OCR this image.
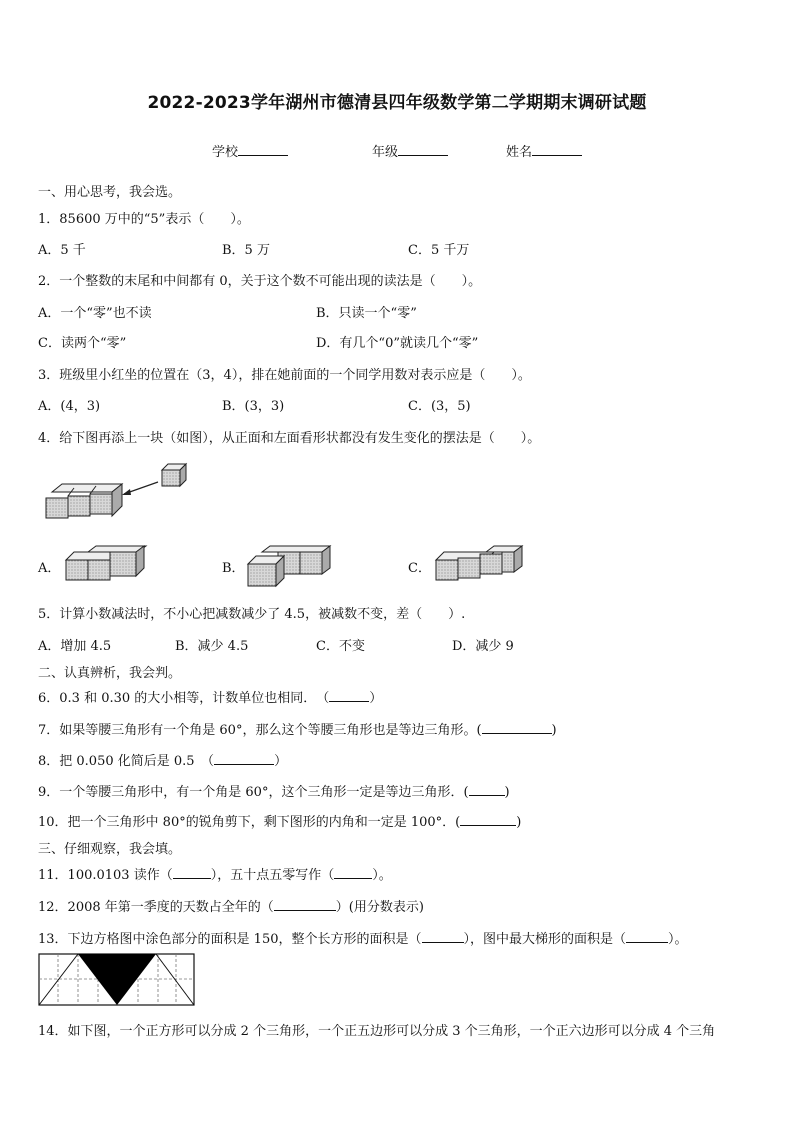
2022-2023学年湖州市德清县四年级数学第二学期期末调研试题
学校	年级	姓名
一、用心思考，我会选。
1．85600 万中的“5”表示（　　）。
A．5 千	B．5 万	C．5 千万
2．一个整数的末尾和中间都有 0，关于这个数不可能出现的读法是（　　）。
A．一个“零”也不读	B．只读一个“零”
C．读两个“零”	D．有几个“0”就读几个“零”
3．班级里小红坐的位置在（3，4），排在她前面的一个同学用数对表示应是（　　）。
A．(4，3)	B．(3，3)	C．(3，5)
4．给下图再添上一块（如图），从正面和左面看形状都没有发生变化的摆法是（　　）。
A．	B．	C．
5．计算小数减法时，不小心把减数减少了 4.5，被减数不变，差（　　）.
A．增加 4.5	B．减少 4.5	C．不变	D．减少 9
二、认真辨析，我会判。
6．0.3 和 0.30 的大小相等，计数单位也相同．　（	）
7．如果等腰三角形有一个角是 60°，那么这个等腰三角形也是等边三角形。(	)
8．把 0.050 化简后是 0.5　（	）
9．一个等腰三角形中，有一个角是 60°，这个三角形一定是等边三角形．(	)
10．把一个三角形中 80°的锐角剪下，剩下图形的内角和一定是 100°．(	)
三、仔细观察，我会填。
11．100.0103 读作（	），五十点五零写作（	）。
12．2008 年第一季度的天数占全年的（	）(用分数表示)
13．下边方格图中涂色部分的面积是 150，整个长方形的面积是（	），图中最大梯形的面积是（	）。
14．如下图，一个正方形可以分成 2 个三角形，一个正五边形可以分成 3 个三角形，一个正六边形可以分成 4 个三角
